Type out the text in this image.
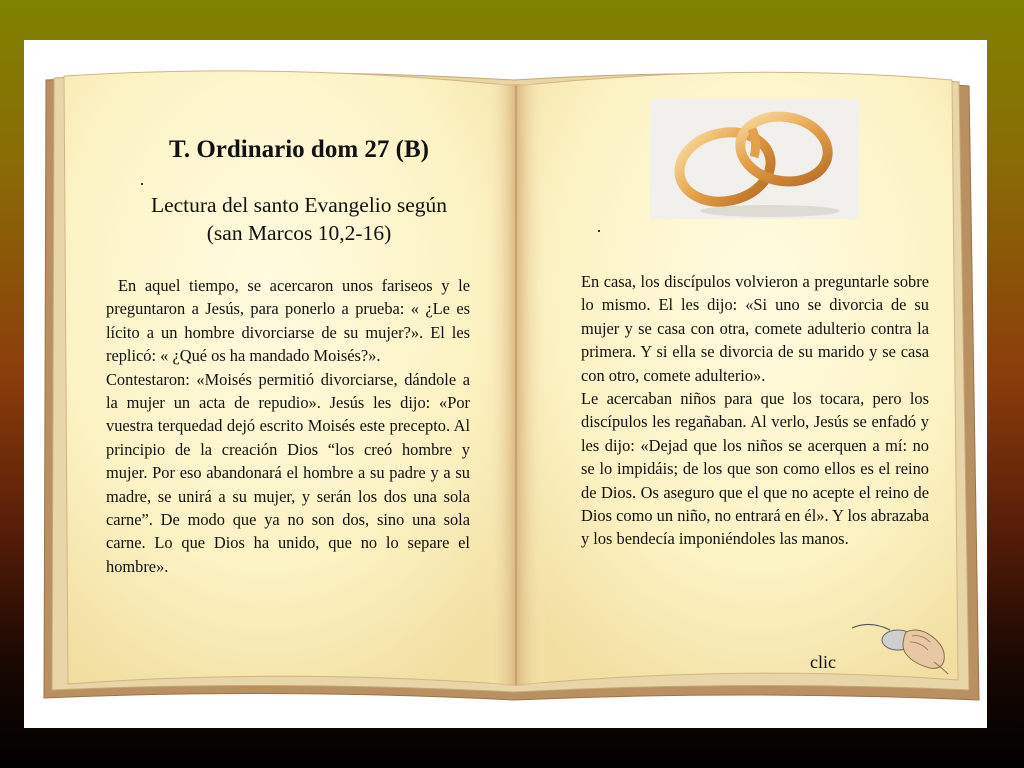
T. Ordinario dom 27 (B)
Lectura del santo Evangelio según
(san Marcos 10,2-16)

En aquel tiempo, se acercaron unos fariseos y le preguntaron a Jesús, para ponerlo a prueba: « ¿Le es lícito a un hombre divorciarse de su mujer?». El les replicó: « ¿Qué os ha mandado Moisés?».

Contestaron: «Moisés permitió divorciarse, dándole a la mujer un acta de repudio». Jesús les dijo: «Por vuestra terquedad dejó escrito Moisés este precepto. Al principio de la creación Dios “los creó hombre y mujer. Por eso abandonará el hombre a su padre y a su madre, se unirá a su mujer, y serán los dos una sola carne”. De modo que ya no son dos, sino una sola carne. Lo que Dios ha unido, que no lo separe el hombre».

En casa, los discípulos volvieron a preguntarle sobre lo mismo. El les dijo: «Si uno se divorcia de su mujer y se casa con otra, comete adulterio contra la primera. Y si ella se divorcia de su marido y se casa con otro, comete adulterio».

Le acercaban niños para que los tocara, pero los discípulos les regañaban. Al verlo, Jesús se enfadó y les dijo: «Dejad que los niños se acerquen a mí: no se lo impidáis; de los que son como ellos es el reino de Dios. Os aseguro que el que no acepte el reino de Dios como un niño, no entrará en él». Y los abrazaba y los bendecía imponiéndoles las manos.

clic
